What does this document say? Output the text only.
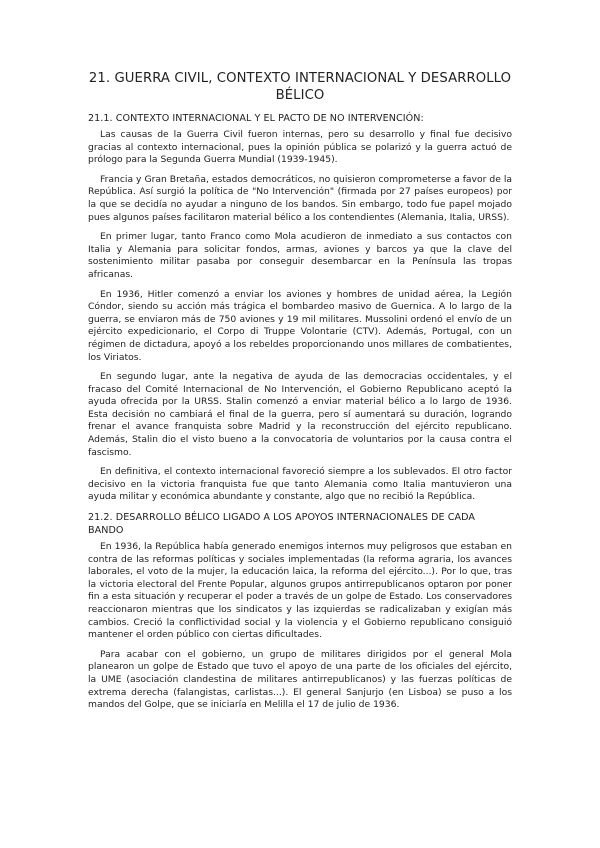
21. GUERRA CIVIL, CONTEXTO INTERNACIONAL Y DESARROLLO BÉLICO
21.1. CONTEXTO INTERNACIONAL Y EL PACTO DE NO INTERVENCIÓN:

Las causas de la Guerra Civil fueron internas, pero su desarrollo y final fue decisivo gracias al contexto internacional, pues la opinión pública se polarizó y la guerra actuó de prólogo para la Segunda Guerra Mundial (1939-1945).

Francia y Gran Bretaña, estados democráticos, no quisieron comprometerse a favor de la República. Así surgió la política de "No Intervención" (firmada por 27 países europeos) por la que se decidía no ayudar a ninguno de los bandos. Sin embargo, todo fue papel mojado pues algunos países facilitaron material bélico a los contendientes (Alemania, Italia, URSS).

En primer lugar, tanto Franco como Mola acudieron de inmediato a sus contactos con Italia y Alemania para solicitar fondos, armas, aviones y barcos ya que la clave del sostenimiento militar pasaba por conseguir desembarcar en la Península las tropas africanas.

En 1936, Hitler comenzó a enviar los aviones y hombres de unidad aérea, la Legión Cóndor, siendo su acción más trágica el bombardeo masivo de Guernica. A lo largo de la guerra, se enviaron más de 750 aviones y 19 mil militares. Mussolini ordenó el envío de un ejército expedicionario, el Corpo di Truppe Volontarie (CTV). Además, Portugal, con un régimen de dictadura, apoyó a los rebeldes proporcionando unos millares de combatientes, los Viriatos.

En segundo lugar, ante la negativa de ayuda de las democracias occidentales, y el fracaso del Comité Internacional de No Intervención, el Gobierno Republicano aceptó la ayuda ofrecida por la URSS. Stalin comenzó a enviar material bélico a lo largo de 1936. Esta decisión no cambiará el final de la guerra, pero sí aumentará su duración, logrando frenar el avance franquista sobre Madrid y la reconstrucción del ejército republicano. Además, Stalin dio el visto bueno a la convocatoria de voluntarios por la causa contra el fascismo.

En definitiva, el contexto internacional favoreció siempre a los sublevados. El otro factor decisivo en la victoria franquista fue que tanto Alemania como Italia mantuvieron una ayuda militar y económica abundante y constante, algo que no recibió la República.

21.2. DESARROLLO BÉLICO LIGADO A LOS APOYOS INTERNACIONALES DE CADA BANDO

En 1936, la República había generado enemigos internos muy peligrosos que estaban en contra de las reformas políticas y sociales implementadas (la reforma agraria, los avances laborales, el voto de la mujer, la educación laica, la reforma del ejército...). Por lo que, tras la victoria electoral del Frente Popular, algunos grupos antirrepublicanos optaron por poner fin a esta situación y recuperar el poder a través de un golpe de Estado. Los conservadores reaccionaron mientras que los sindicatos y las izquierdas se radicalizaban y exigían más cambios. Creció la conflictividad social y la violencia y el Gobierno republicano consiguió mantener el orden público con ciertas dificultades.

Para acabar con el gobierno, un grupo de militares dirigidos por el general Mola planearon un golpe de Estado que tuvo el apoyo de una parte de los oficiales del ejército, la UME (asociación clandestina de militares antirrepublicanos) y las fuerzas políticas de extrema derecha (falangistas, carlistas...). El general Sanjurjo (en Lisboa) se puso a los mandos del Golpe, que se iniciaría en Melilla el 17 de julio de 1936.
